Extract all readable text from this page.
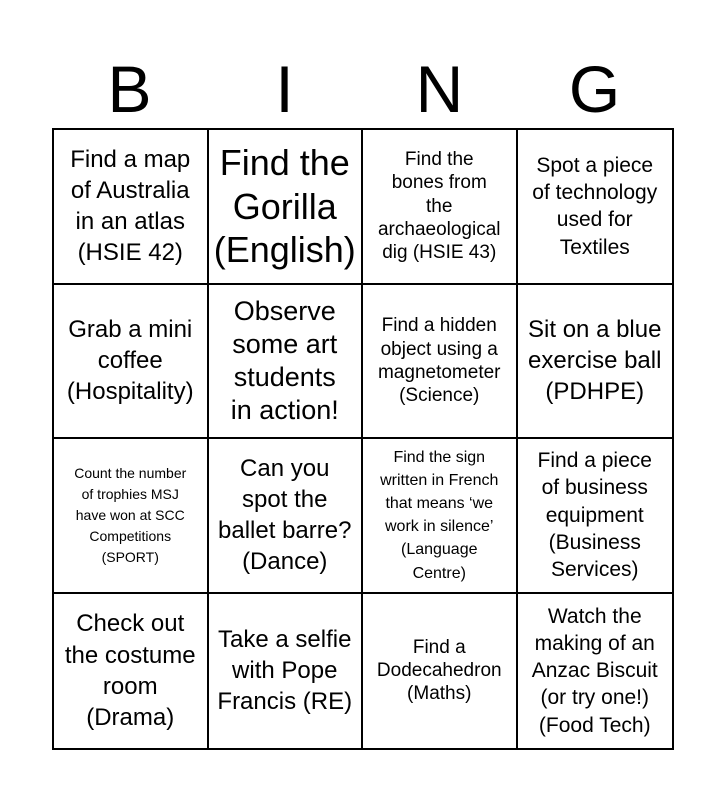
B	I	N	G
Find a map
of Australia
in an atlas
(HSIE 42)
Find the
Gorilla
(English)
Find the
bones from
the
archaeological
dig (HSIE 43)
Spot a piece
of technology
used for
Textiles
Grab a mini
coffee
(Hospitality)
Observe
some art
students
in action!
Find a hidden
object using a
magnetometer
(Science)
Sit on a blue
exercise ball
(PDHPE)
Count the number
of trophies MSJ
have won at SCC
Competitions
(SPORT)
Can you
spot the
ballet barre?
(Dance)
Find the sign
written in French
that means ‘we
work in silence’
(Language
Centre)
Find a piece
of business
equipment
(Business
Services)
Check out
the costume
room
(Drama)
Take a selfie
with Pope
Francis (RE)
Find a
Dodecahedron
(Maths)
Watch the
making of an
Anzac Biscuit
(or try one!)
(Food Tech)
